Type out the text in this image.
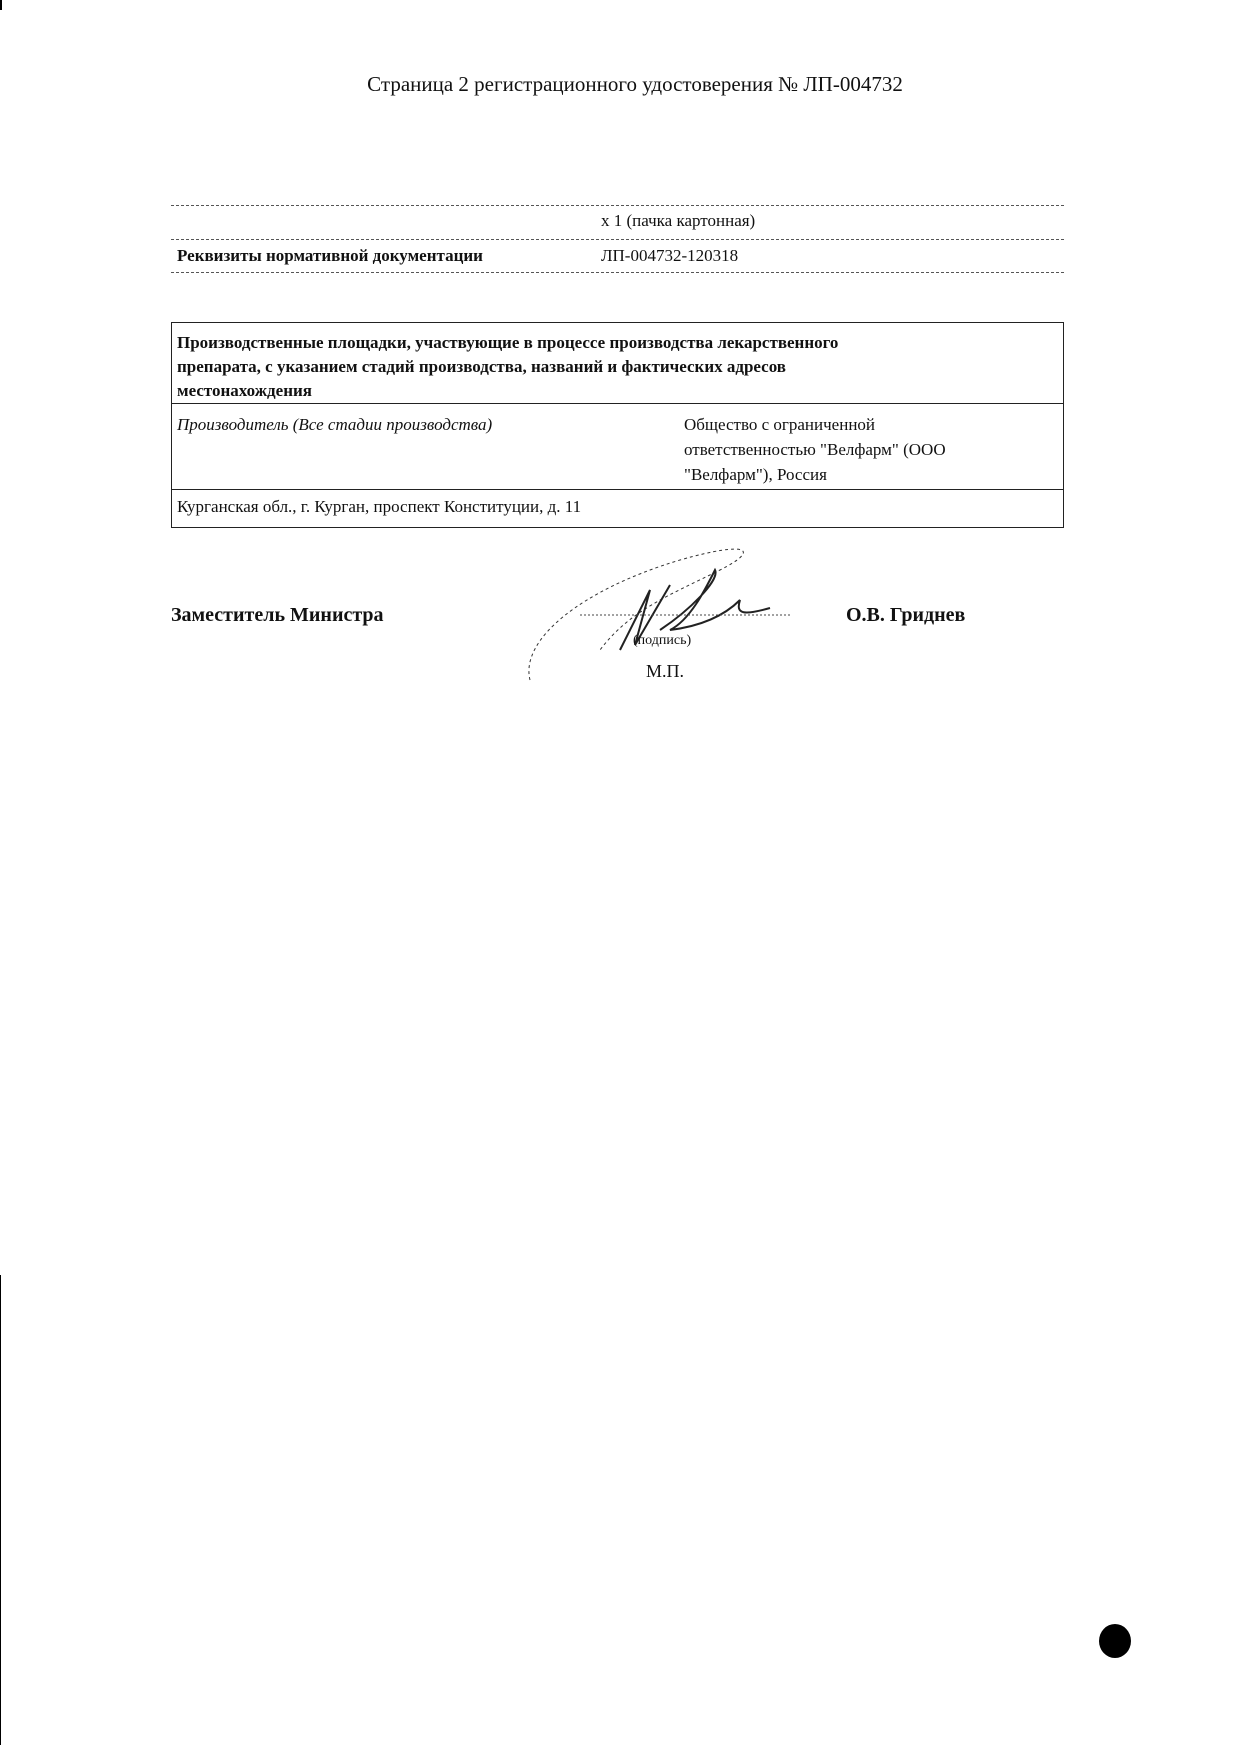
Страница 2 регистрационного удостоверения № ЛП-004732
х 1 (пачка картонная)
Реквизиты нормативной документации	ЛП-004732-120318
Производственные площадки, участвующие в процессе производства лекарственного
препарата, с указанием стадий производства, названий и фактических адресов
местонахождения
Производитель (Все стадии производства)	Общество с ограниченной
ответственностью "Велфарм" (ООО
"Велфарм"), Россия
Курганская обл., г. Курган, проспект Конституции, д. 11
Заместитель Министра
(подпись)
М.П.
О.В. Гриднев
